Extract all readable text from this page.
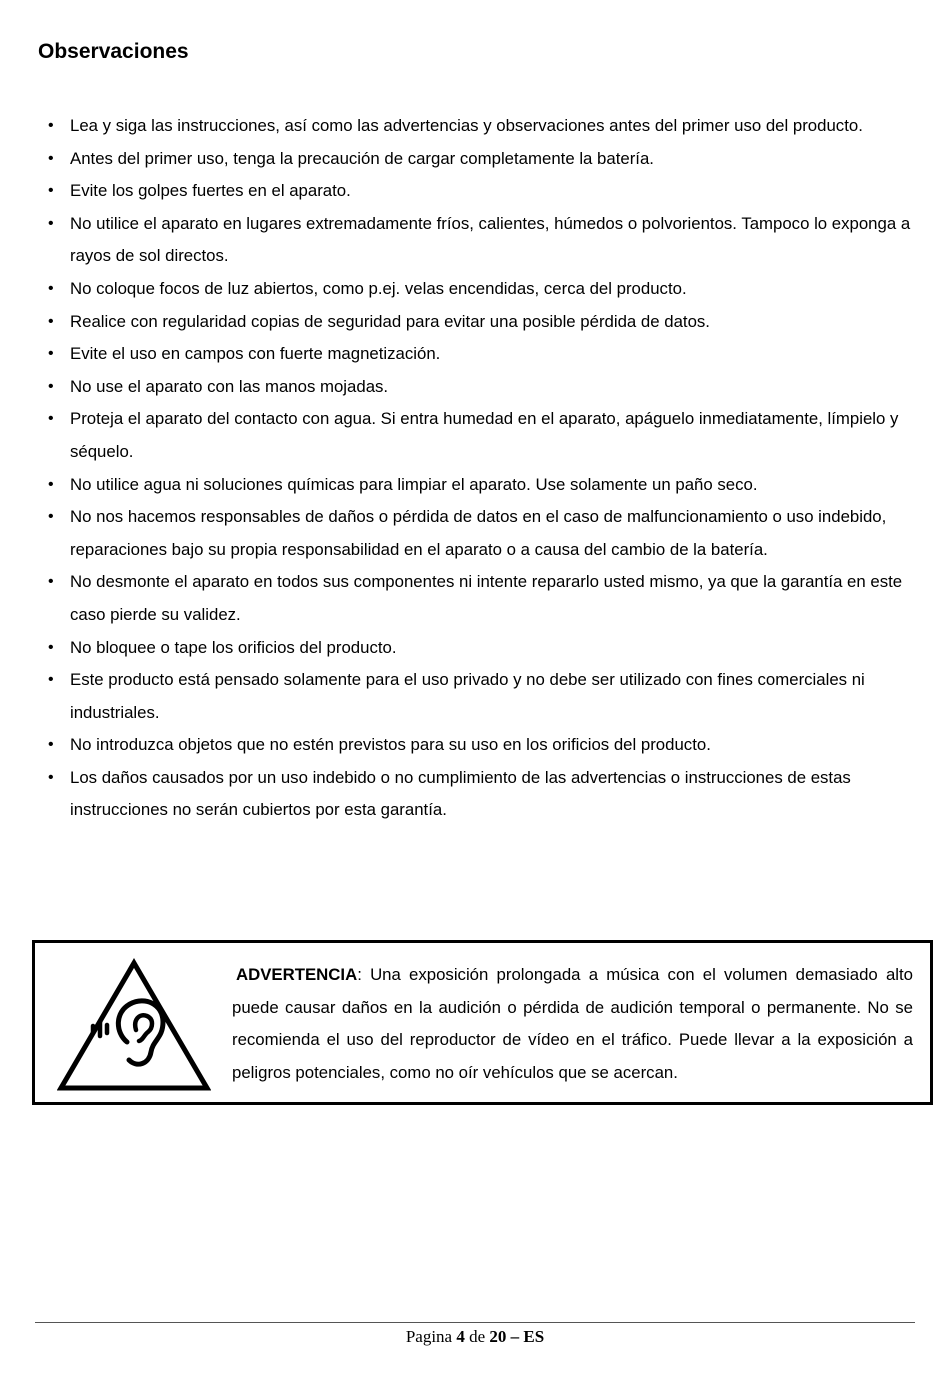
Observaciones
• Lea y siga las instrucciones, así como las advertencias y observaciones antes del primer uso del producto.
• Antes del primer uso, tenga la precaución de cargar completamente la batería.
• Evite los golpes fuertes en el aparato.
• No utilice el aparato en lugares extremadamente fríos, calientes, húmedos o polvorientos. Tampoco lo exponga a rayos de sol directos.
• No coloque focos de luz abiertos, como p.ej. velas encendidas, cerca del producto.
• Realice con regularidad copias de seguridad para evitar una posible pérdida de datos.
• Evite el uso en campos con fuerte magnetización.
• No use el aparato con las manos mojadas.
• Proteja el aparato del contacto con agua. Si entra humedad en el aparato, apáguelo inmediatamente, límpielo y séquelo.
• No utilice agua ni soluciones químicas para limpiar el aparato. Use solamente un paño seco.
• No nos hacemos responsables de daños o pérdida de datos en el caso de malfuncionamiento o uso indebido, reparaciones bajo su propia responsabilidad en el aparato o a causa del cambio de la batería.
• No desmonte el aparato en todos sus componentes ni intente repararlo usted mismo, ya que la garantía en este caso pierde su validez.
• No bloquee o tape los orificios del producto.
• Este producto está pensado solamente para el uso privado y no debe ser utilizado con fines comerciales ni industriales.
• No introduzca objetos que no estén previstos para su uso en los orificios del producto.
• Los daños causados por un uso indebido o no cumplimiento de las advertencias o instrucciones de estas instrucciones no serán cubiertos por esta garantía.
ADVERTENCIA: Una exposición prolongada a música con el volumen demasiado alto puede causar daños en la audición o pérdida de audición temporal o permanente. No se recomienda el uso del reproductor de vídeo en el tráfico. Puede llevar a la exposición a peligros potenciales, como no oír vehículos que se acercan.
Pagina 4 de 20 – ES
